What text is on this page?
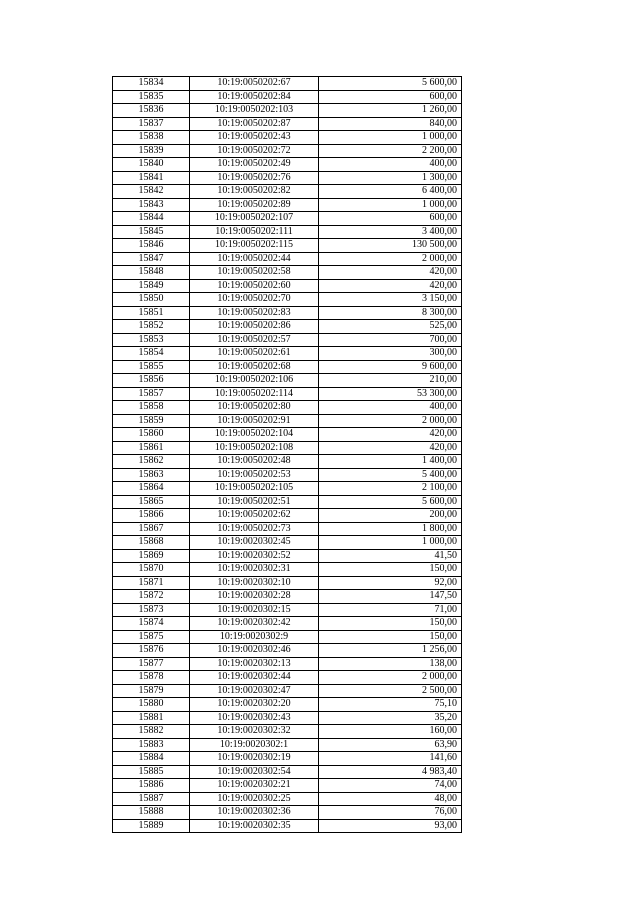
15834	10:19:0050202:67	5 600,00
15835	10:19:0050202:84	600,00
15836	10:19:0050202:103	1 260,00
15837	10:19:0050202:87	840,00
15838	10:19:0050202:43	1 000,00
15839	10:19:0050202:72	2 200,00
15840	10:19:0050202:49	400,00
15841	10:19:0050202:76	1 300,00
15842	10:19:0050202:82	6 400,00
15843	10:19:0050202:89	1 000,00
15844	10:19:0050202:107	600,00
15845	10:19:0050202:111	3 400,00
15846	10:19:0050202:115	130 500,00
15847	10:19:0050202:44	2 000,00
15848	10:19:0050202:58	420,00
15849	10:19:0050202:60	420,00
15850	10:19:0050202:70	3 150,00
15851	10:19:0050202:83	8 300,00
15852	10:19:0050202:86	525,00
15853	10:19:0050202:57	700,00
15854	10:19:0050202:61	300,00
15855	10:19:0050202:68	9 600,00
15856	10:19:0050202:106	210,00
15857	10:19:0050202:114	53 300,00
15858	10:19:0050202:80	400,00
15859	10:19:0050202:91	2 000,00
15860	10:19:0050202:104	420,00
15861	10:19:0050202:108	420,00
15862	10:19:0050202:48	1 400,00
15863	10:19:0050202:53	5 400,00
15864	10:19:0050202:105	2 100,00
15865	10:19:0050202:51	5 600,00
15866	10:19:0050202:62	200,00
15867	10:19:0050202:73	1 800,00
15868	10:19:0020302:45	1 000,00
15869	10:19:0020302:52	41,50
15870	10:19:0020302:31	150,00
15871	10:19:0020302:10	92,00
15872	10:19:0020302:28	147,50
15873	10:19:0020302:15	71,00
15874	10:19:0020302:42	150,00
15875	10:19:0020302:9	150,00
15876	10:19:0020302:46	1 256,00
15877	10:19:0020302:13	138,00
15878	10:19:0020302:44	2 000,00
15879	10:19:0020302:47	2 500,00
15880	10:19:0020302:20	75,10
15881	10:19:0020302:43	35,20
15882	10:19:0020302:32	160,00
15883	10:19:0020302:1	63,90
15884	10:19:0020302:19	141,60
15885	10:19:0020302:54	4 983,40
15886	10:19:0020302:21	74,00
15887	10:19:0020302:25	48,00
15888	10:19:0020302:36	76,00
15889	10:19:0020302:35	93,00
